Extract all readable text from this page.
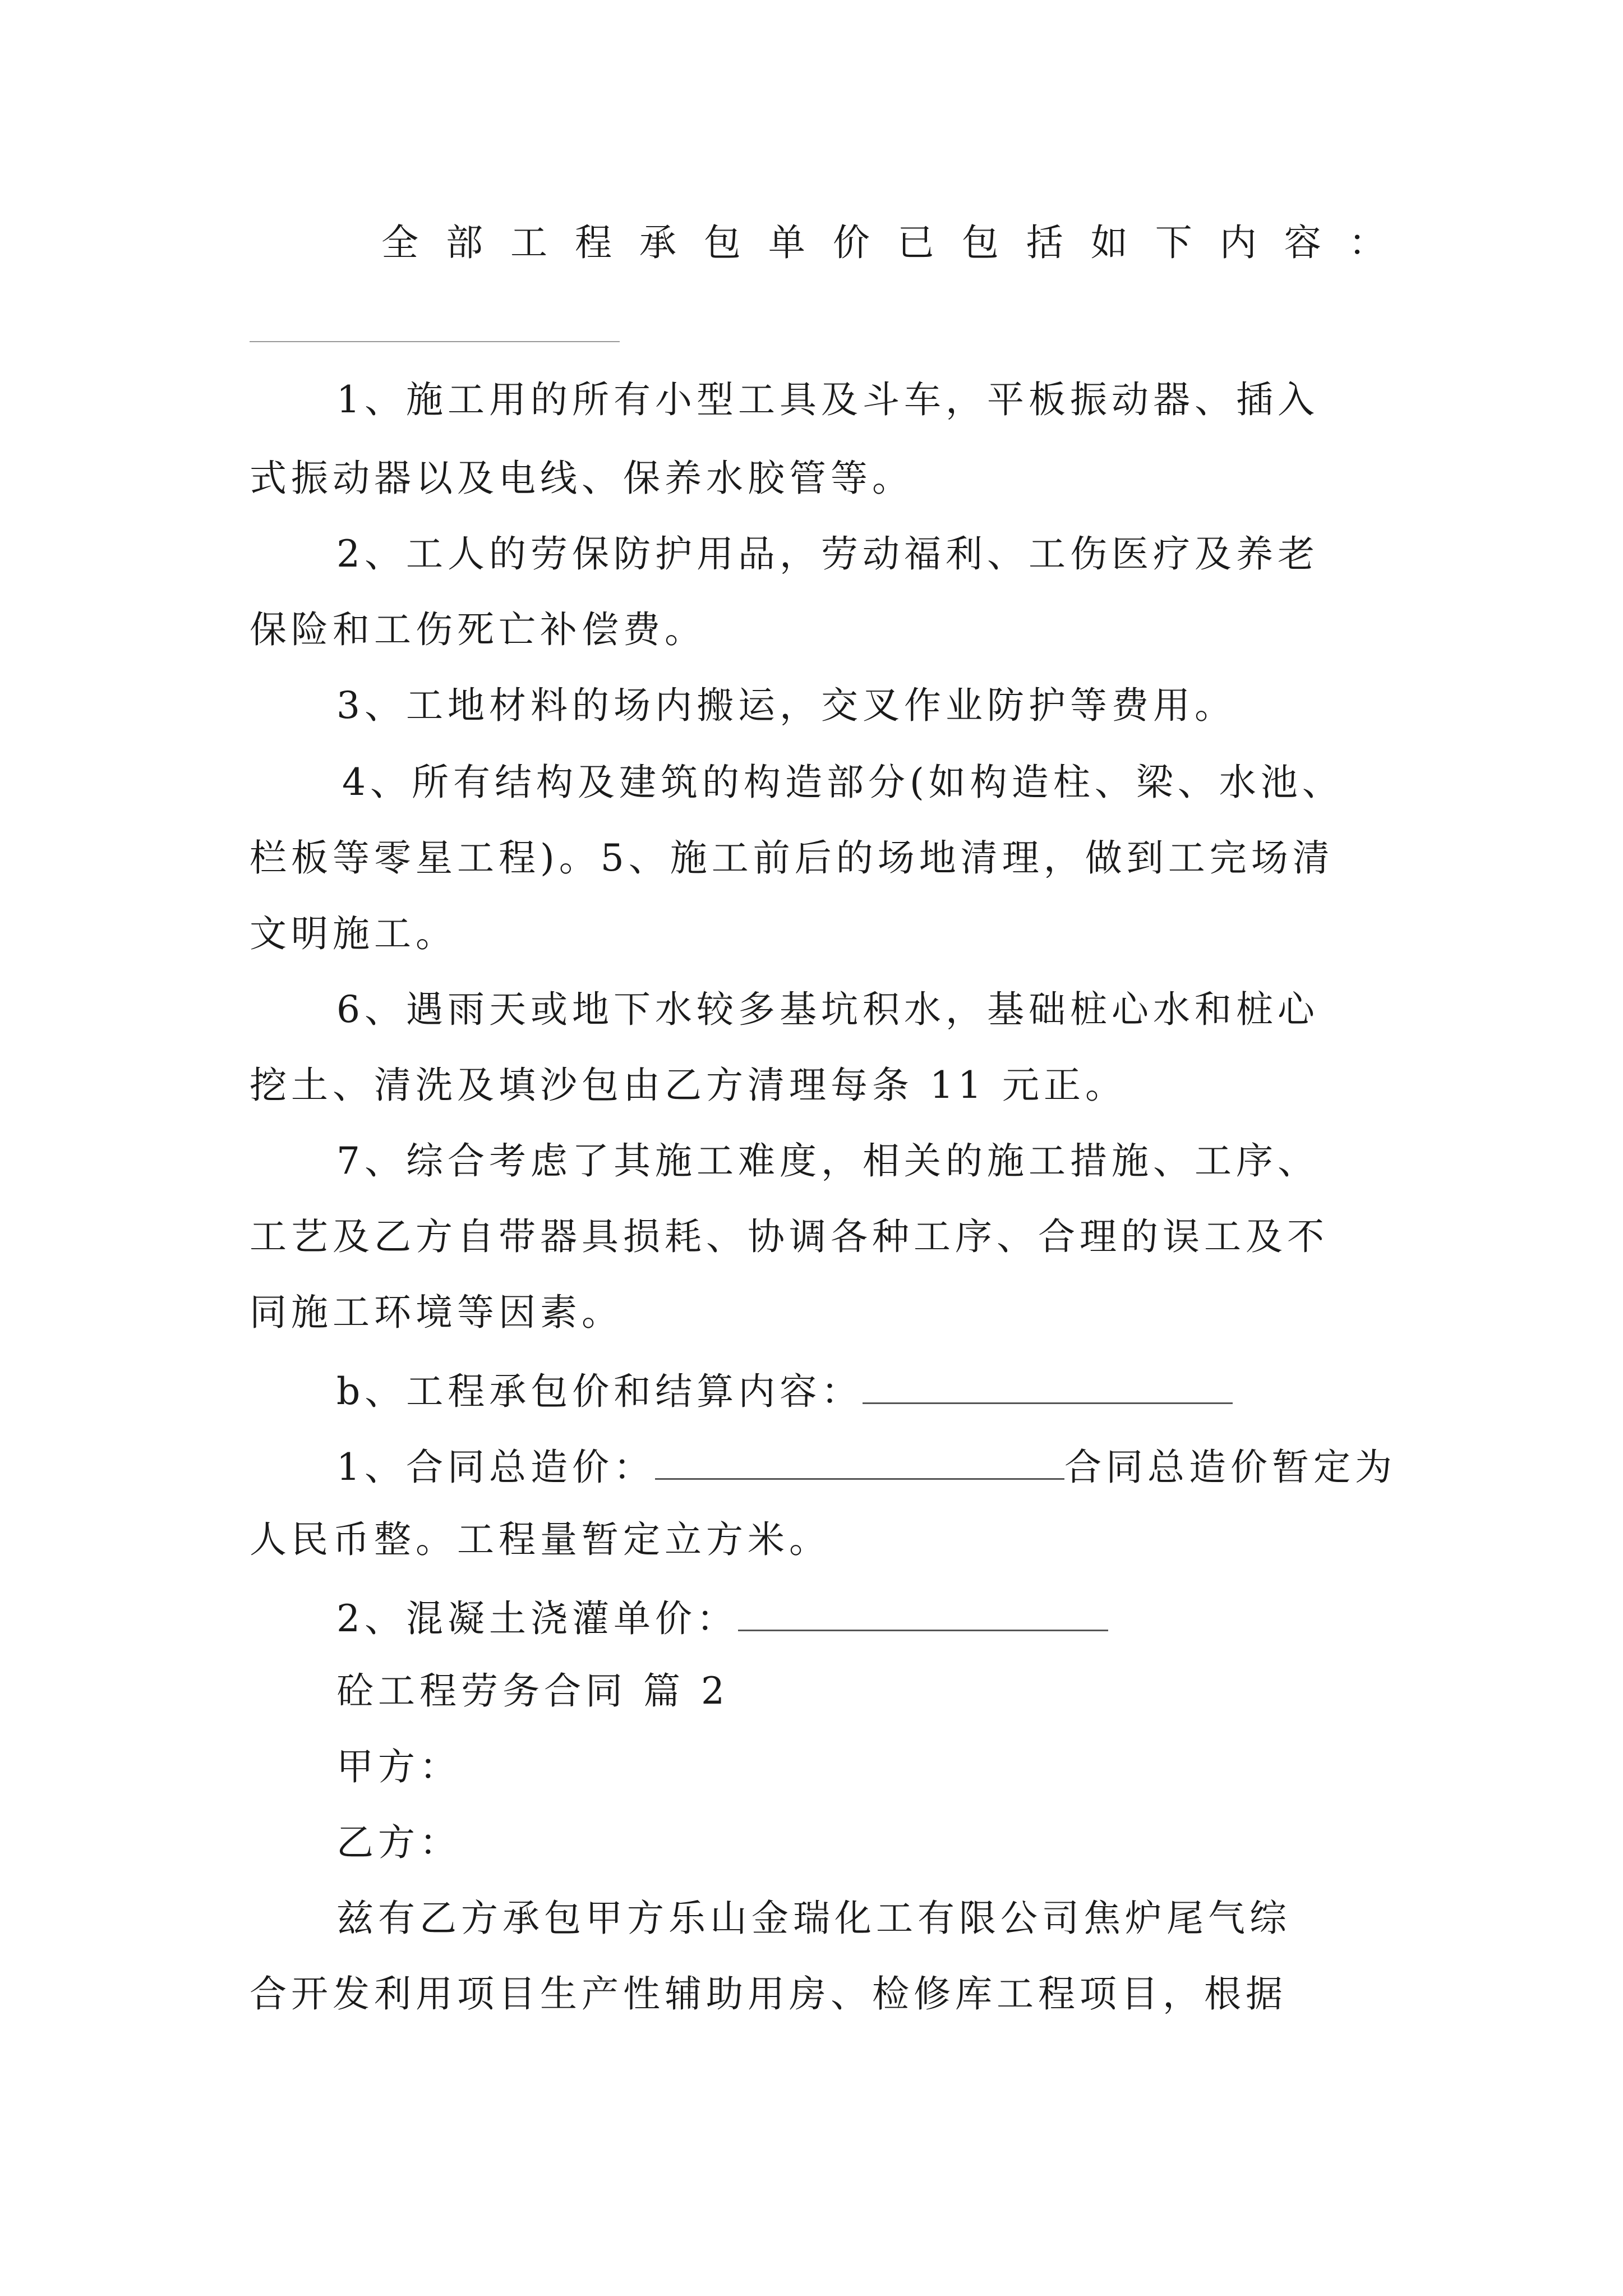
全 部 工 程 承 包 单 价 已 包 括 如 下 内 容 ：
1、施工用的所有小型工具及斗车，平板振动器、插入
式振动器以及电线、保养水胶管等。
2、工人的劳保防护用品，劳动福利、工伤医疗及养老
保险和工伤死亡补偿费。
3、工地材料的场内搬运，交叉作业防护等费用。
4、所有结构及建筑的构造部分(如构造柱、梁、水池、
栏板等零星工程)。5、施工前后的场地清理，做到工完场清
文明施工。
6、遇雨天或地下水较多基坑积水，基础桩心水和桩心
挖土、清洗及填沙包由乙方清理每条 11 元正。
7、综合考虑了其施工难度，相关的施工措施、工序、
工艺及乙方自带器具损耗、协调各种工序、合理的误工及不
同施工环境等因素。
b、工程承包价和结算内容：
1、合同总造价：	合同总造价暂定为
人民币整。工程量暂定立方米。
2、混凝土浇灌单价：
砼工程劳务合同 篇 2
甲方：
乙方：
兹有乙方承包甲方乐山金瑞化工有限公司焦炉尾气综
合开发利用项目生产性辅助用房、检修库工程项目，根据
